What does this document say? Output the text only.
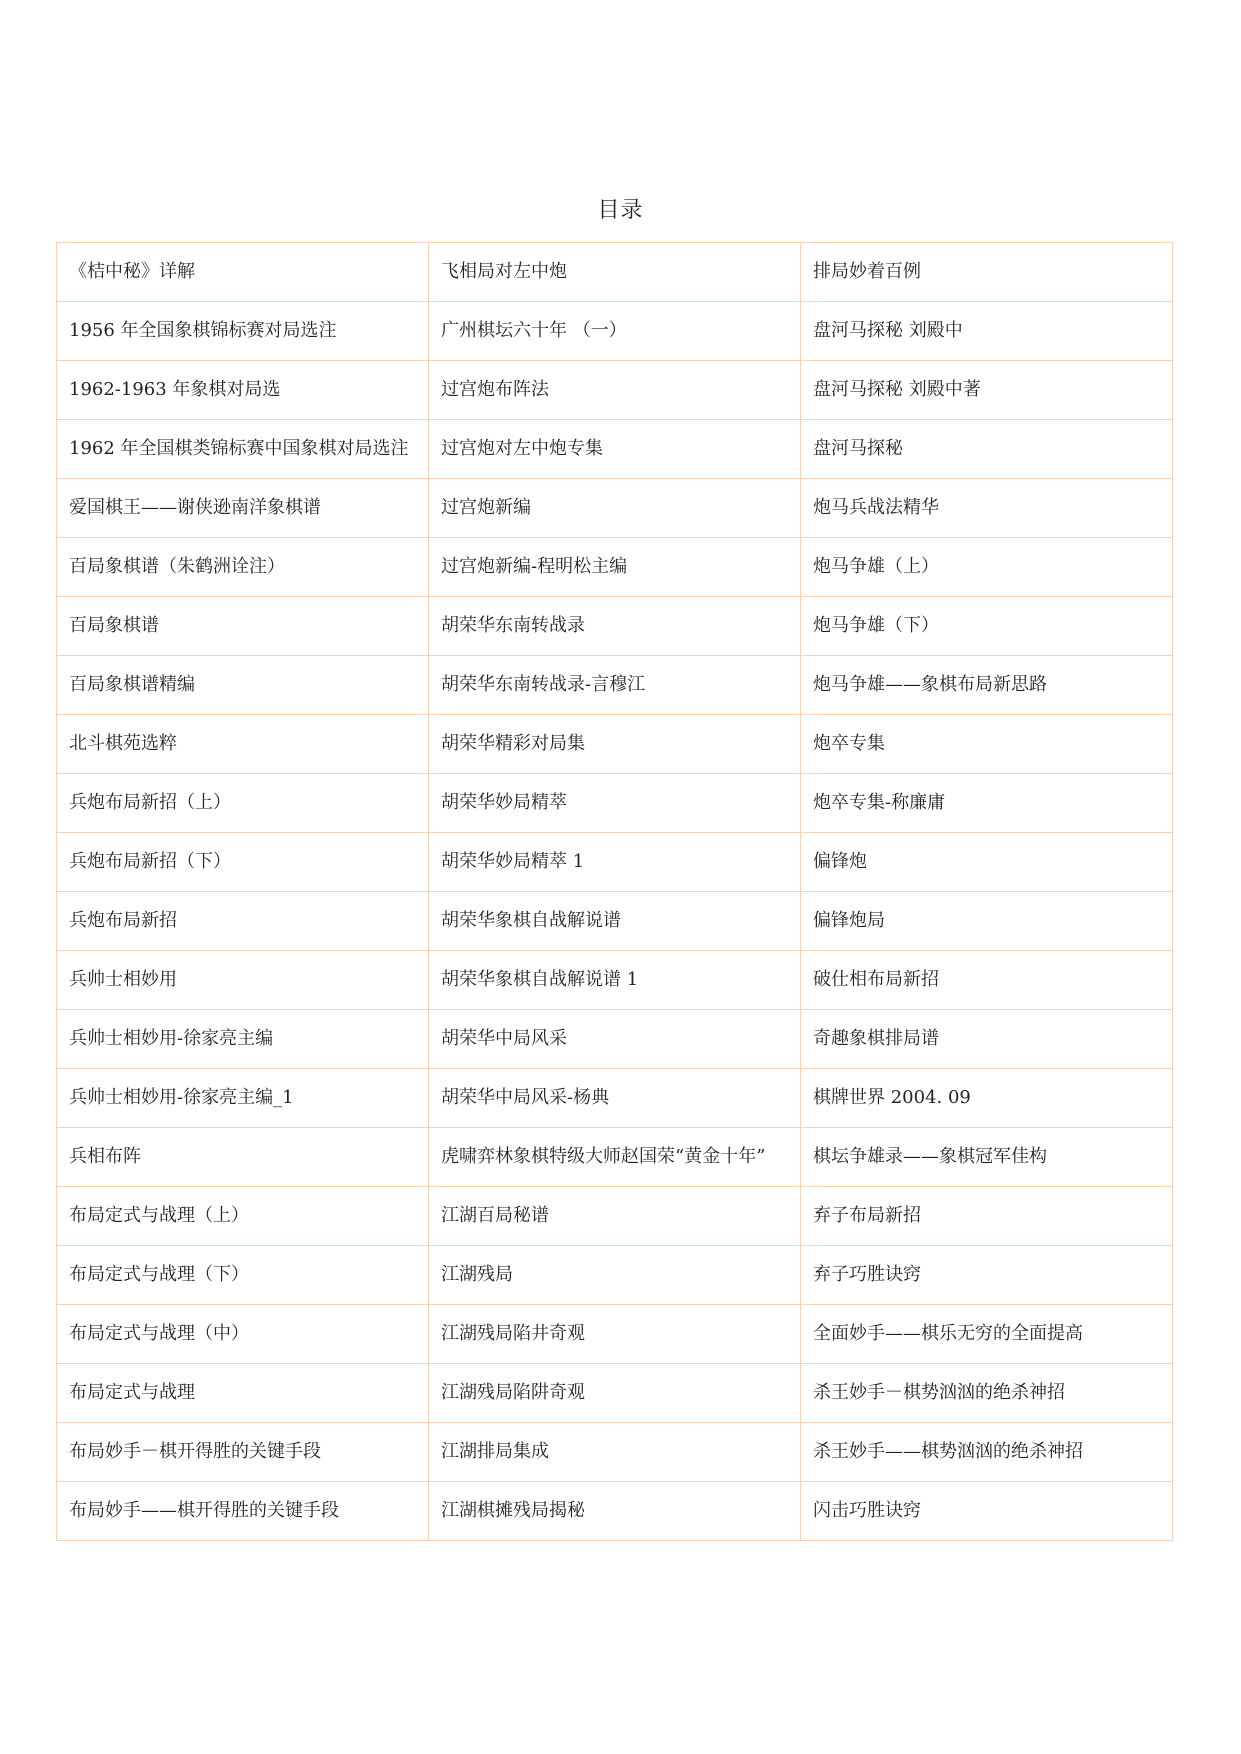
目录
《桔中秘》详解	飞相局对左中炮	排局妙着百例
1956 年全国象棋锦标赛对局选注	广州棋坛六十年 （一）	盘河马探秘 刘殿中
1962-1963 年象棋对局选	过宫炮布阵法	盘河马探秘 刘殿中著
1962 年全国棋类锦标赛中国象棋对局选注	过宫炮对左中炮专集	盘河马探秘
爱国棋王——谢侠逊南洋象棋谱	过宫炮新编	炮马兵战法精华
百局象棋谱（朱鹤洲诠注）	过宫炮新编-程明松主编	炮马争雄（上）
百局象棋谱	胡荣华东南转战录	炮马争雄（下）
百局象棋谱精编	胡荣华东南转战录-言穆江	炮马争雄——象棋布局新思路
北斗棋苑选粹	胡荣华精彩对局集	炮卒专集
兵炮布局新招（上）	胡荣华妙局精萃	炮卒专集-称廉庸
兵炮布局新招（下）	胡荣华妙局精萃 1	偏锋炮
兵炮布局新招	胡荣华象棋自战解说谱	偏锋炮局
兵帅士相妙用	胡荣华象棋自战解说谱 1	破仕相布局新招
兵帅士相妙用-徐家亮主编	胡荣华中局风采	奇趣象棋排局谱
兵帅士相妙用-徐家亮主编_1	胡荣华中局风采-杨典	棋牌世界 2004. 09
兵相布阵	虎啸弈林象棋特级大师赵国荣“黄金十年”	棋坛争雄录——象棋冠军佳构
布局定式与战理（上）	江湖百局秘谱	弃子布局新招
布局定式与战理（下）	江湖残局	弃子巧胜诀窍
布局定式与战理（中）	江湖残局陷井奇观	全面妙手——棋乐无穷的全面提高
布局定式与战理	江湖残局陷阱奇观	杀王妙手－棋势汹汹的绝杀神招
布局妙手－棋开得胜的关键手段	江湖排局集成	杀王妙手——棋势汹汹的绝杀神招
布局妙手——棋开得胜的关键手段	江湖棋摊残局揭秘	闪击巧胜诀窍
